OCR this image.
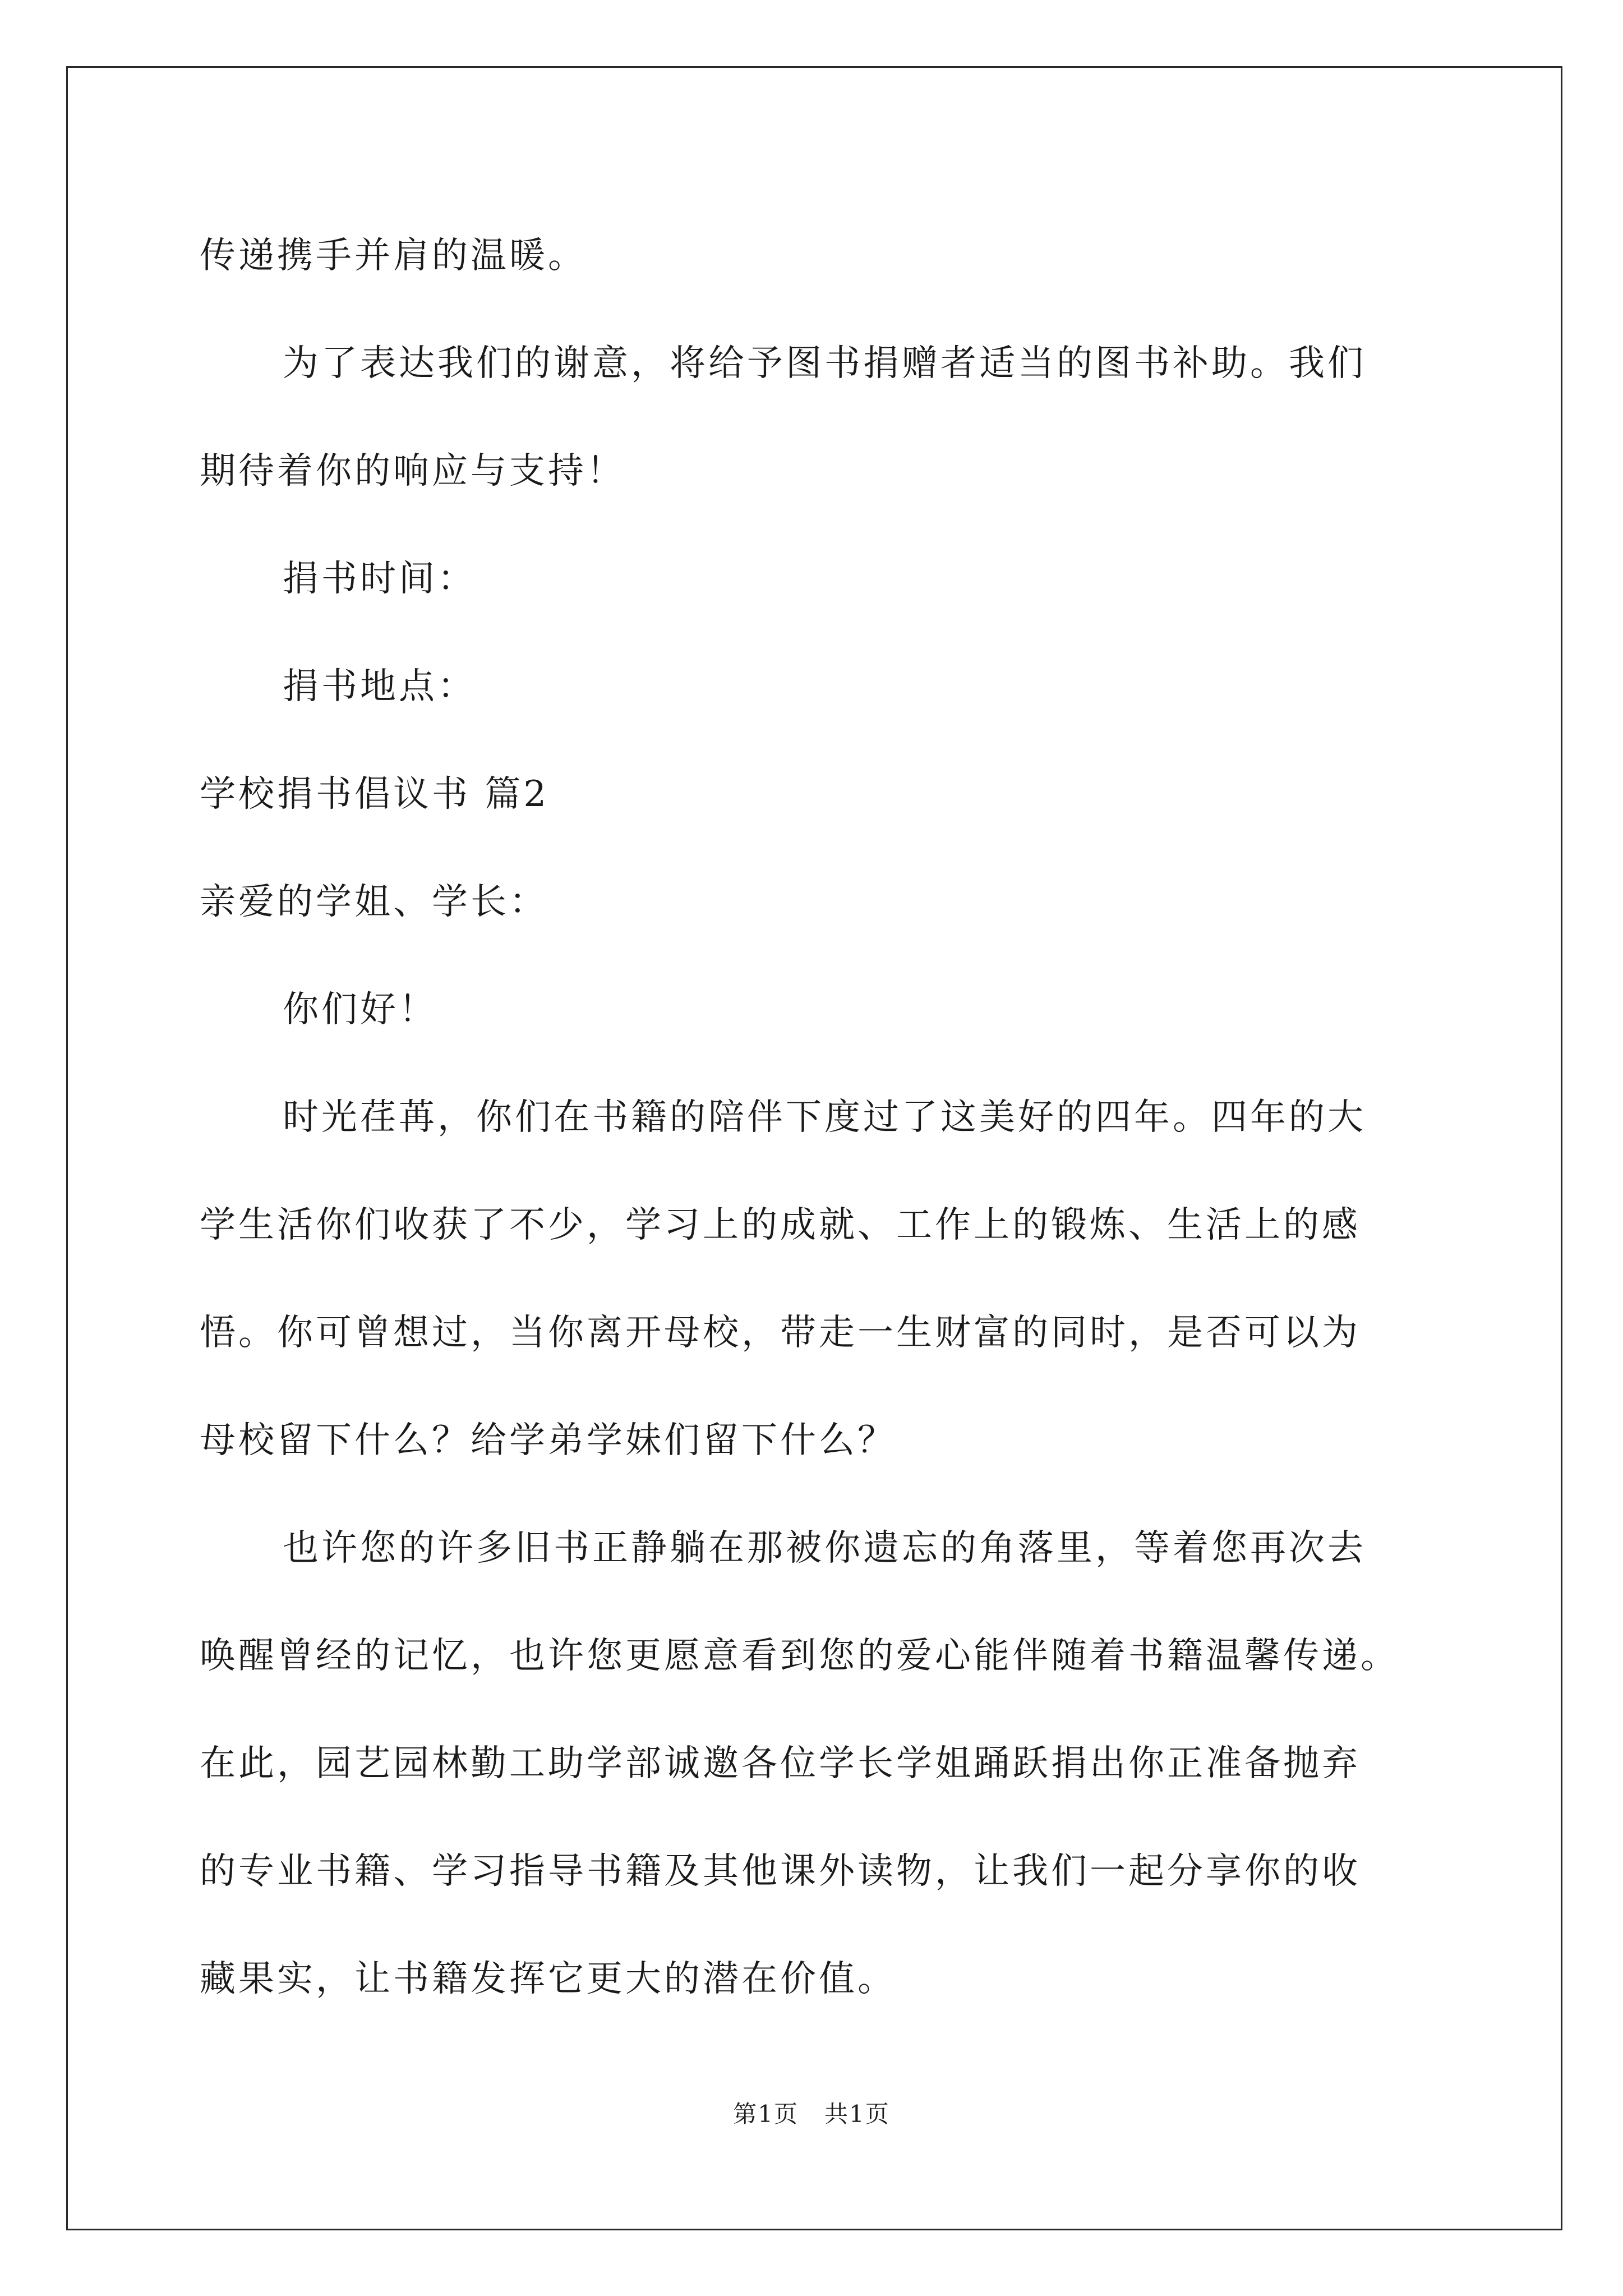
传递携手并肩的温暖。

为了表达我们的谢意，将给予图书捐赠者适当的图书补助。我们

期待着你的响应与支持！

捐书时间：

捐书地点：

学校捐书倡议书 篇2

亲爱的学姐、学长：

你们好！

时光荏苒，你们在书籍的陪伴下度过了这美好的四年。四年的大

学生活你们收获了不少，学习上的成就、工作上的锻炼、生活上的感

悟。你可曾想过，当你离开母校，带走一生财富的同时，是否可以为

母校留下什么？给学弟学妹们留下什么？

也许您的许多旧书正静躺在那被你遗忘的角落里，等着您再次去

唤醒曾经的记忆，也许您更愿意看到您的爱心能伴随着书籍温馨传递。

在此，园艺园林勤工助学部诚邀各位学长学姐踊跃捐出你正准备抛弃

的专业书籍、学习指导书籍及其他课外读物，让我们一起分享你的收

藏果实，让书籍发挥它更大的潜在价值。

第1页   共1页
